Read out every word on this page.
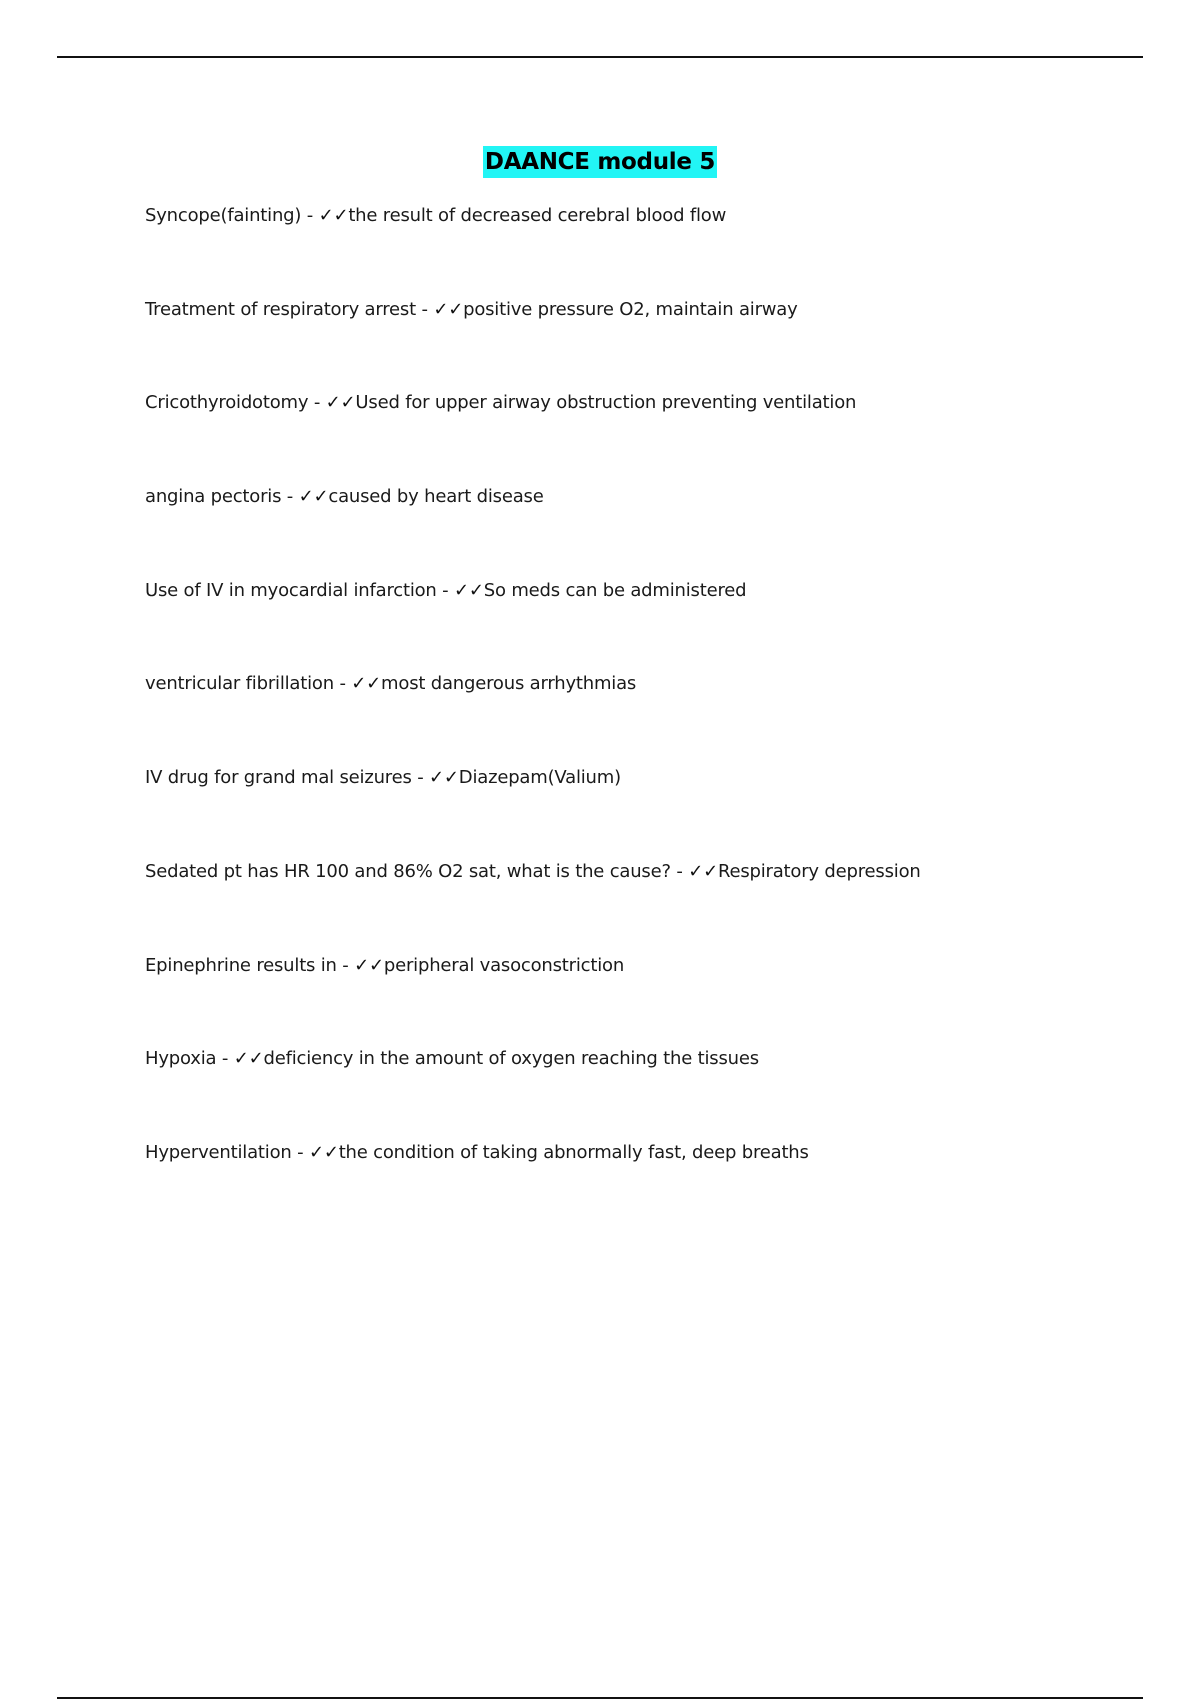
DAANCE module 5
Syncope(fainting) - ✓✓the result of decreased cerebral blood flow
Treatment of respiratory arrest - ✓✓positive pressure O2, maintain airway
Cricothyroidotomy - ✓✓Used for upper airway obstruction preventing ventilation
angina pectoris - ✓✓caused by heart disease
Use of IV in myocardial infarction - ✓✓So meds can be administered
ventricular fibrillation - ✓✓most dangerous arrhythmias
IV drug for grand mal seizures - ✓✓Diazepam(Valium)
Sedated pt has HR 100 and 86% O2 sat, what is the cause? - ✓✓Respiratory depression
Epinephrine results in - ✓✓peripheral vasoconstriction
Hypoxia - ✓✓deficiency in the amount of oxygen reaching the tissues
Hyperventilation - ✓✓the condition of taking abnormally fast, deep breaths
